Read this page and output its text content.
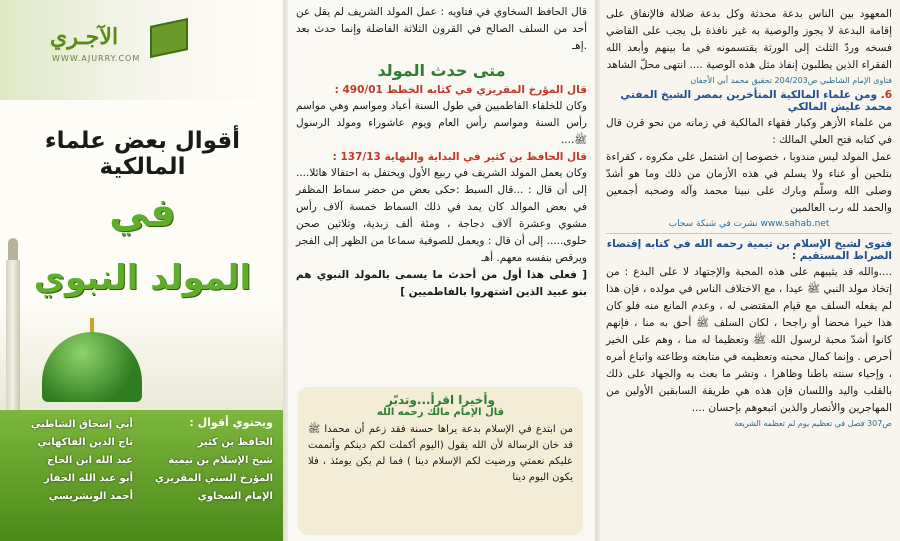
المعهود بين الناس بدعة محدثة وكل بدعة ضلالة فالإنفاق على إقامة البدعة لا يجوز والوصية به غير نافذة بل يجب على القاضي فسخه وردّ الثلث إلى الورثة يقتسمونه في ما بينهم وأبعد الله الفقراء الذين يطلبون إنفاذ مثل هذه الوصية .... انتهى محلّ الشاهد

فتاوى الإمام الشاطبي ص204/203 تحقيق محمد أبي الأجفان
6. ومن علماء المالكية المتأخرين بمصر الشيخ المفتي محمد عليش المالكي

من علماء الأزهر وكبار فقهاء المالكية في زمانه من نحو قرن قال في كتابه فتح العلي المالك :

عمل المولد ليس مندوبا ، خصوصا إن اشتمل على مكروه ، كقراءة بتلحين أو غناء ولا يسلم في هذه الأزمان من ذلك وما هو أشدّ وصلى الله وسلّم وبارك على نبينا محمد وآله وصحبه أجمعين والحمد لله رب العالمين

www.sahab.net نشرت في شبكة سحاب
فتوى لشيخ الإسلام بن تيمية رحمه الله في كتابه إقتضاء الصراط المستقيم :

....والله قد يثيبهم على هذه المحبة والإجتهاد لا على البدع : من إتخاذ مولد النبي ﷺ عيدا ، مع الاختلاف الناس في مولده ، فإن هذا لم يفعله السلف مع قيام المقتضى له ، وعدم المانع منه فلو كان هذا خيرا محضا أو راجحا ، لكان السلف ﷺ أحق به منا ، فإنهم كانوا أشدّ محبة لرسول الله ﷺ وتعظيما له منا ، وهم على الخير أحرص . وإنما كمال محبته وتعظيمه في متابعته وطاعته واتباع أمره ، وإحياء سنته باطنا وظاهرا ، ونشر ما بعث به والجهاد على ذلك بالقلب واليد واللسان فإن هذه هي طريقة السابقين الأولين من المهاجرين والأنصار والذين اتبعوهم بإحسان ....

ص307 فصل في تعظيم يوم لم تعظمه الشريعة

قال الحافظ السخاوي في فتاويه : عمل المولد الشريف لم يقل عن أحد من السلف الصالح في القرون الثلاثة الفاضلة وإنما حدث بعد .إهـ

متى حدث المولد
قال المؤرخ المقريزي في كتابه الخطط 490/01 :

وكان للخلفاء الفاطميين في طول السنة أعياد ومواسم وهي مواسم رأس السنة ومواسم رأس العام ويوم عاشوراء ومولد الرسول ﷺ....

قال الحافظ بن كثير في البداية والنهاية 137/13 :

وكان يعمل المولد الشريف في ربيع الأول ويحتفل به احتفالا هائلا.... إلى أن قال : ...قال السبط :حكى بعض من حضر سماط المظفر في بعض الموالد كان يمد في ذلك السماط خمسة آلاف رأس مشوي وعشرة آلاف دجاجة ، ومئة ألف زبدية، وثلاثين صحن حلوى..... إلى أن قال : ويعمل للصوفية سماعا من الظهر إلى الفجر ويرقص بنفسه معهم. أهـ

[ فعلى هذا أول من أحدث ما يسمى بالمولد النبوي هم بنو عبيد الذين اشتهروا بالفاطميين ]

وأخيرا اقرأ...وتدبّر
قال الإمام مالك رحمه الله

من ابتدع في الإسلام بدعة يراها حسنة فقد زعم أن محمدا ﷺ قد خان الرسالة لأن الله يقول (اليوم أكملت لكم دينكم وأتممت عليكم نعمتي ورضيت لكم الإسلام دينا ) فما لم يكن يومئذ ، فلا يكون اليوم دينا

الآجـري
WWW.AJURRY.COM
أقوال بعض علماء المالكية
في
المولد النبوي
ويحتوي أقوال :
الحافظ بن كثير
شيخ الإسلام بن تيمية
المؤرخ السني المقريزي
الإمام السخاوي
أبي إسحاق الشاطبي
تاج الدين الفاكهاني
عبد الله ابن الحاج
أبو عبد الله الحفار
أحمد الونشريسي
